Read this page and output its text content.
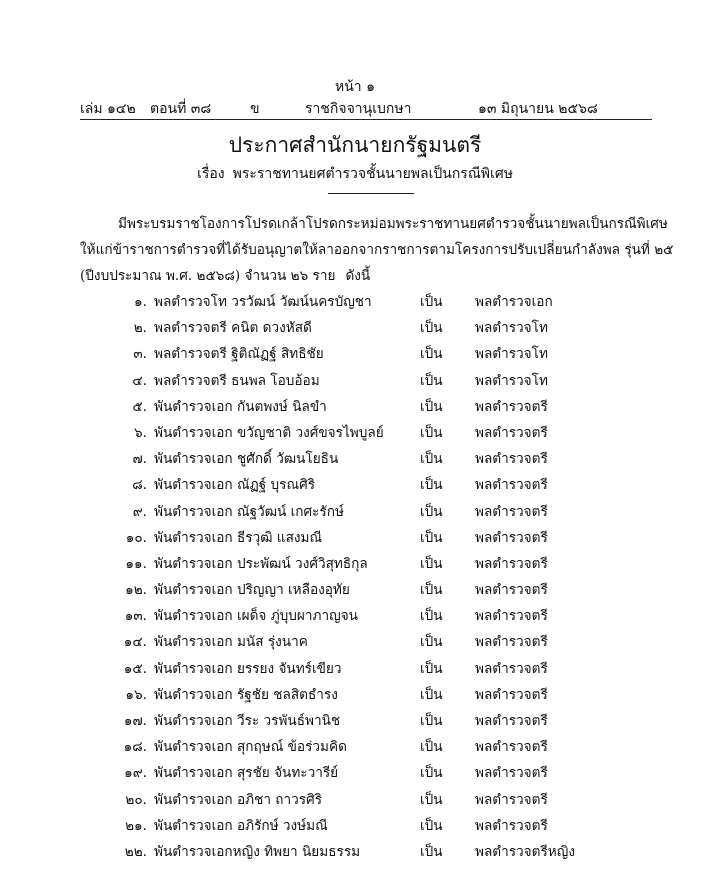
หน้า ๑
เล่ม ๑๔๒ ตอนที่ ๓๘	ข	ราชกิจจานุเบกษา	๑๓ มิถุนายน ๒๕๖๘
ประกาศสำนักนายกรัฐมนตรี
เรื่อง พระราชทานยศตำรวจชั้นนายพลเป็นกรณีพิเศษ
มีพระบรมราชโองการโปรดเกล้าโปรดกระหม่อมพระราชทานยศตำรวจชั้นนายพลเป็นกรณีพิเศษ
ให้แก่ข้าราชการตำรวจที่ได้รับอนุญาตให้ลาออกจากราชการตามโครงการปรับเปลี่ยนกำลังพล รุ่นที่ ๒๕
(ปีงบประมาณ พ.ศ. ๒๕๖๘) จำนวน ๒๖ ราย ดังนี้
๑. พลตำรวจโท วรวัฒน์ วัฒน์นครบัญชา	เป็น พลตำรวจเอก
๒. พลตำรวจตรี คนิต ดวงหัสดี	เป็น พลตำรวจโท
๓. พลตำรวจตรี ฐิติณัฏฐ์ สิทธิชัย	เป็น พลตำรวจโท
๔. พลตำรวจตรี ธนพล โอบอ้อม	เป็น พลตำรวจโท
๕. พันตำรวจเอก กันตพงษ์ นิลขำ	เป็น พลตำรวจตรี
๖. พันตำรวจเอก ขวัญชาติ วงศ์ขจรไพบูลย์	เป็น พลตำรวจตรี
๗. พันตำรวจเอก ชูศักดิ์ วัฒนโยธิน	เป็น พลตำรวจตรี
๘. พันตำรวจเอก ณัฏฐ์ บุรณศิริ	เป็น พลตำรวจตรี
๙. พันตำรวจเอก ณัฐวัฒน์ เกศะรักษ์	เป็น พลตำรวจตรี
๑๐. พันตำรวจเอก ธีรวุฒิ แสงมณี	เป็น พลตำรวจตรี
๑๑. พันตำรวจเอก ประพัฒน์ วงศ์วิสุทธิกุล	เป็น พลตำรวจตรี
๑๒. พันตำรวจเอก ปริญญา เหลืองอุทัย	เป็น พลตำรวจตรี
๑๓. พันตำรวจเอก เผด็จ ภู่บุบผาภาญจน	เป็น พลตำรวจตรี
๑๔. พันตำรวจเอก มนัส รุ่งนาค	เป็น พลตำรวจตรี
๑๕. พันตำรวจเอก ยรรยง จันทร์เขียว	เป็น พลตำรวจตรี
๑๖. พันตำรวจเอก รัฐชัย ชลสิตธำรง	เป็น พลตำรวจตรี
๑๗. พันตำรวจเอก วีระ วรพันธ์พานิช	เป็น พลตำรวจตรี
๑๘. พันตำรวจเอก สุกฤษณ์ ข้อร่วมคิด	เป็น พลตำรวจตรี
๑๙. พันตำรวจเอก สุรชัย จันทะวารีย์	เป็น พลตำรวจตรี
๒๐. พันตำรวจเอก อภิชา ถาวรศิริ	เป็น พลตำรวจตรี
๒๑. พันตำรวจเอก อภิรักษ์ วงษ์มณี	เป็น พลตำรวจตรี
๒๒. พันตำรวจเอกหญิง ทิพยา นิยมธรรม	เป็น พลตำรวจตรีหญิง
